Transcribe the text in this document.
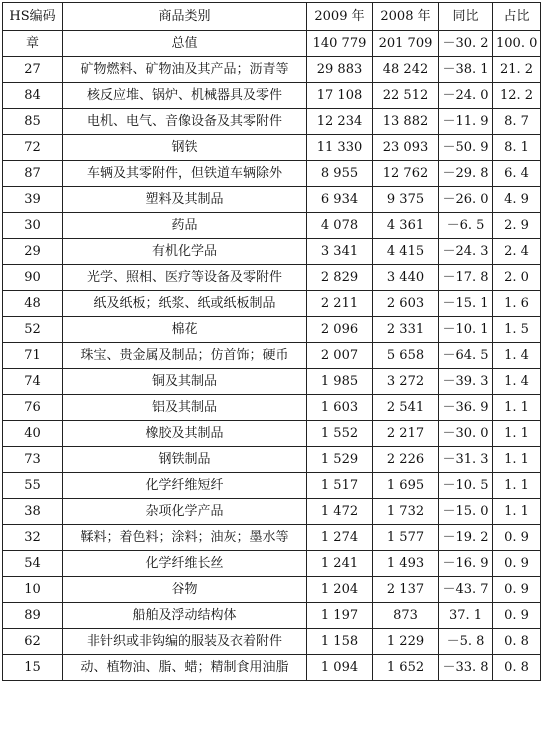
HS编码	商品类别	2009 年	2008 年	同比	占比
章	总值	140 779	201 709	－30. 2	100. 0
27	矿物燃料、矿物油及其产品；沥青等	29 883	48 242	－38. 1	21. 2
84	核反应堆、锅炉、机械器具及零件	17 108	22 512	－24. 0	12. 2
85	电机、电气、音像设备及其零附件	12 234	13 882	－11. 9	8. 7
72	钢铁	11 330	23 093	－50. 9	8. 1
87	车辆及其零附件，但铁道车辆除外	8 955	12 762	－29. 8	6. 4
39	塑料及其制品	6 934	9 375	－26. 0	4. 9
30	药品	4 078	4 361	－6. 5	2. 9
29	有机化学品	3 341	4 415	－24. 3	2. 4
90	光学、照相、医疗等设备及零附件	2 829	3 440	－17. 8	2. 0
48	纸及纸板；纸浆、纸或纸板制品	2 211	2 603	－15. 1	1. 6
52	棉花	2 096	2 331	－10. 1	1. 5
71	珠宝、贵金属及制品；仿首饰；硬币	2 007	5 658	－64. 5	1. 4
74	铜及其制品	1 985	3 272	－39. 3	1. 4
76	铝及其制品	1 603	2 541	－36. 9	1. 1
40	橡胶及其制品	1 552	2 217	－30. 0	1. 1
73	钢铁制品	1 529	2 226	－31. 3	1. 1
55	化学纤维短纤	1 517	1 695	－10. 5	1. 1
38	杂项化学产品	1 472	1 732	－15. 0	1. 1
32	鞣料；着色料；涂料；油灰；墨水等	1 274	1 577	－19. 2	0. 9
54	化学纤维长丝	1 241	1 493	－16. 9	0. 9
10	谷物	1 204	2 137	－43. 7	0. 9
89	船舶及浮动结构体	1 197	873	37. 1	0. 9
62	非针织或非钩编的服装及衣着附件	1 158	1 229	－5. 8	0. 8
15	动、植物油、脂、蜡；精制食用油脂	1 094	1 652	－33. 8	0. 8
